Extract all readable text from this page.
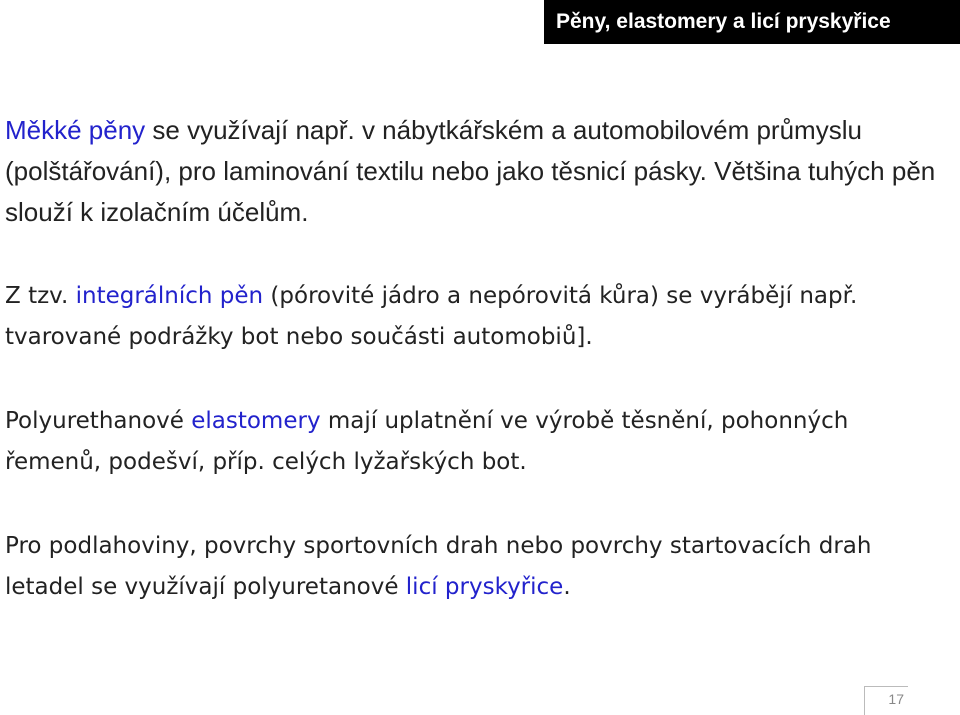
Pěny, elastomery a licí pryskyřice

Měkké pěny se využívají např. v nábytkářském a automobilovém průmyslu (polštářování), pro laminování textilu nebo jako těsnicí pásky. Většina tuhých pěn slouží k izolačním účelům.

Z tzv. integrálních pěn (pórovité jádro a nepórovitá kůra) se vyrábějí např. tvarované podrážky bot nebo součásti automobiů].

Polyurethanové elastomery mají uplatnění ve výrobě těsnění, pohonných řemenů, podešví, příp. celých lyžařských bot.

Pro podlahoviny, povrchy sportovních drah nebo povrchy startovacích drah letadel se využívají polyuretanové licí pryskyřice.

17
